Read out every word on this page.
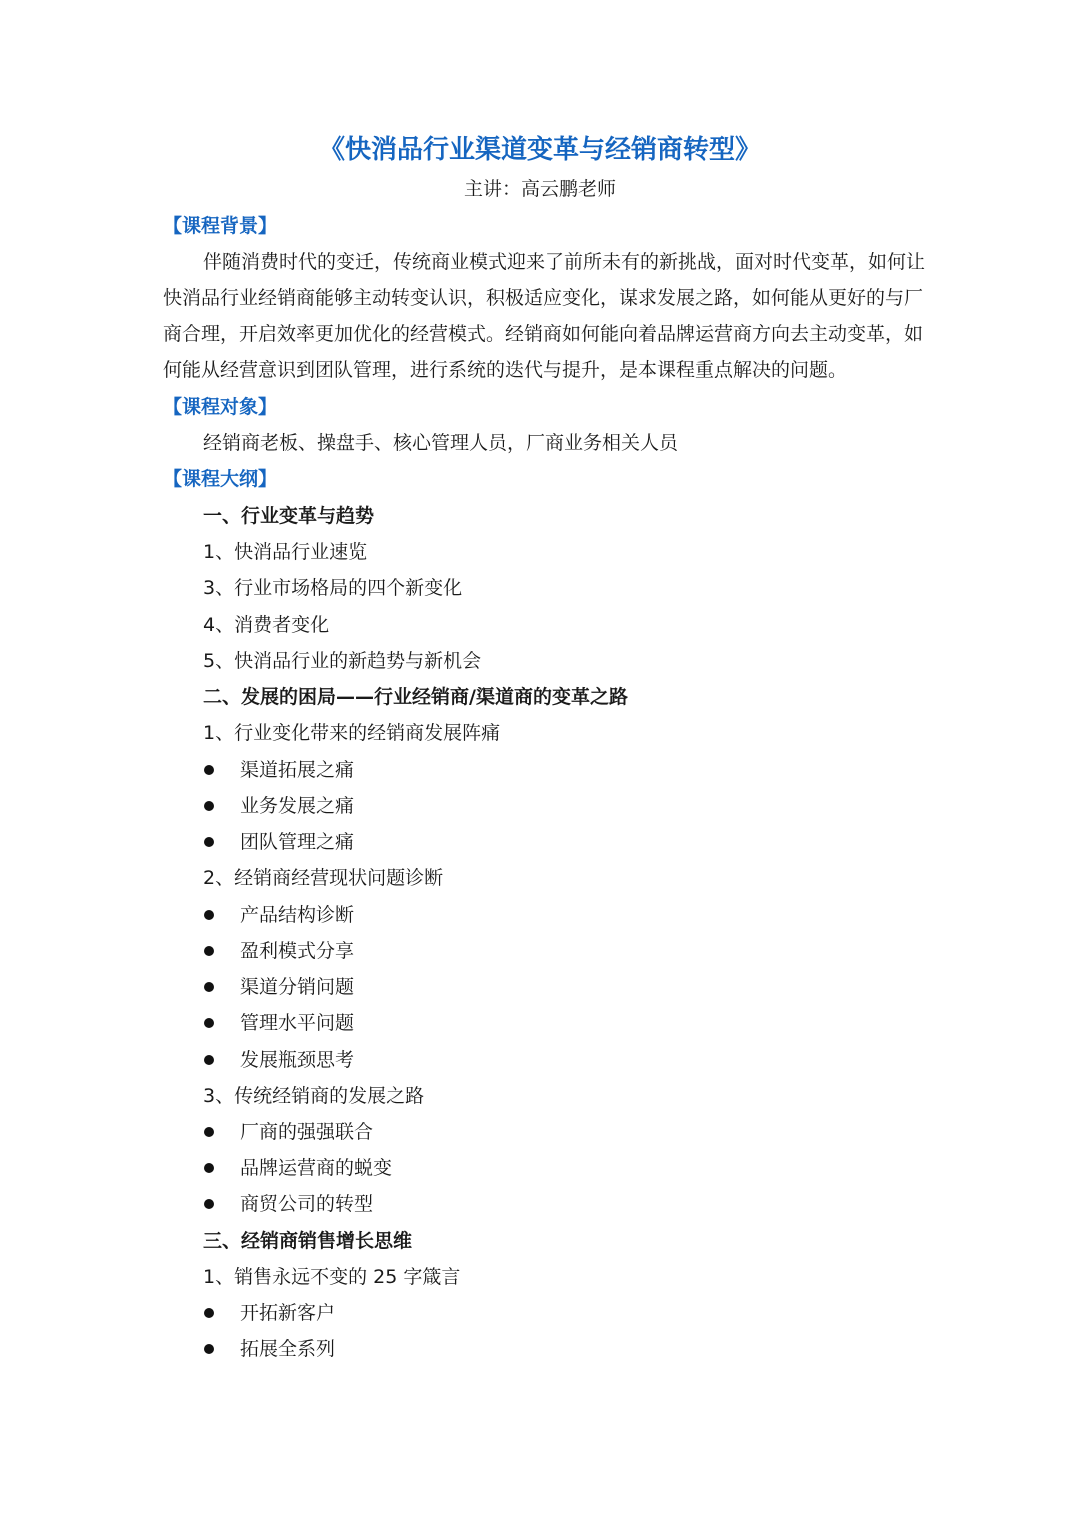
《快消品行业渠道变革与经销商转型》
主讲：高云鹏老师
【课程背景】
伴随消费时代的变迁，传统商业模式迎来了前所未有的新挑战，面对时代变革，如何让
快消品行业经销商能够主动转变认识，积极适应变化，谋求发展之路，如何能从更好的与厂
商合理，开启效率更加优化的经营模式。经销商如何能向着品牌运营商方向去主动变革，如
何能从经营意识到团队管理，进行系统的迭代与提升，是本课程重点解决的问题。
【课程对象】
经销商老板、操盘手、核心管理人员，厂商业务相关人员
【课程大纲】
一、行业变革与趋势
1、快消品行业速览
3、行业市场格局的四个新变化
4、消费者变化
5、快消品行业的新趋势与新机会
二、发展的困局——行业经销商/渠道商的变革之路
1、行业变化带来的经销商发展阵痛
渠道拓展之痛
业务发展之痛
团队管理之痛
2、经销商经营现状问题诊断
产品结构诊断
盈利模式分享
渠道分销问题
管理水平问题
发展瓶颈思考
3、传统经销商的发展之路
厂商的强强联合
品牌运营商的蜕变
商贸公司的转型
三、经销商销售增长思维
1、销售永远不变的 25 字箴言
开拓新客户
拓展全系列
